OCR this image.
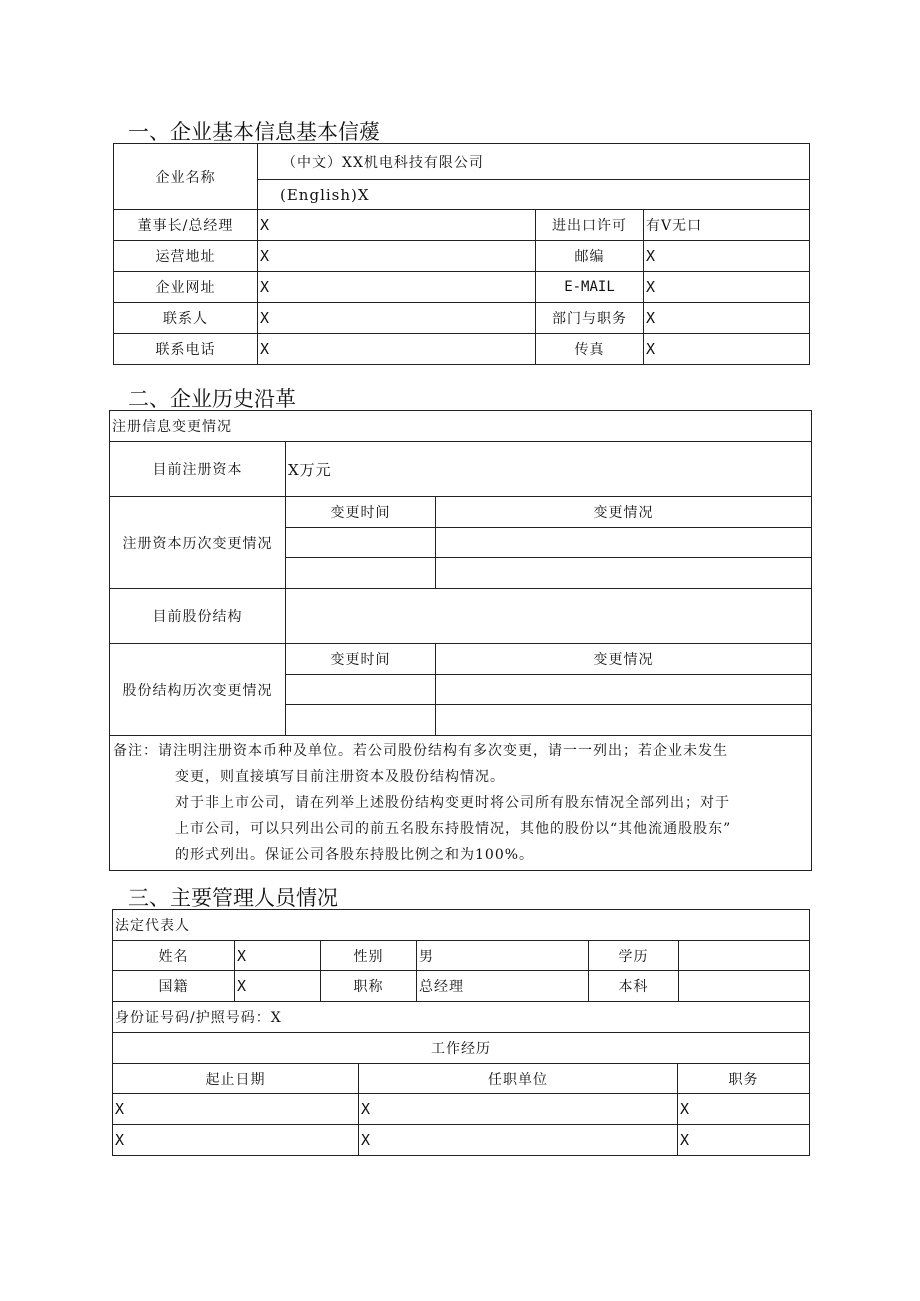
一、企业基本信息基本信蕿
企业名称	（中文）XX机电科技有限公司		
	(English)X		
董事长/总经理	X	进出口许可	有V无口
运营地址	X	邮编	X
企业网址	X	E-MAIL	X
联系人	X	部门与职务	X
联系电话	X	传真	X
二、企业历史沿革
注册信息变更情况		
目前注册资本	X万元	
注册资本历次变更情况	变更时间	变更情况

目前股份结构		
股份结构历次变更情况	变更时间	变更情况

备注：请注明注册资本币种及单位。若公司股份结构有多次变更，请一一列出；若企业未发生

变更，则直接填写目前注册资本及股份结构情况。

对于非上市公司，请在列举上述股份结构变更时将公司所有股东情况全部列出；对于

上市公司，可以只列出公司的前五名股东持股情况，其他的股份以“其他流通股股东”

的形式列出。保证公司各股东持股比例之和为100%。		

三、主要管理人员情况
法定代表人					
姓名	X	性别	男	学历	
国籍	X	职称	总经理	本科	
身份证号码/护照号码：X					
工作经历		
起止日期	任职单位	职务
X	X	X
X	X	X
